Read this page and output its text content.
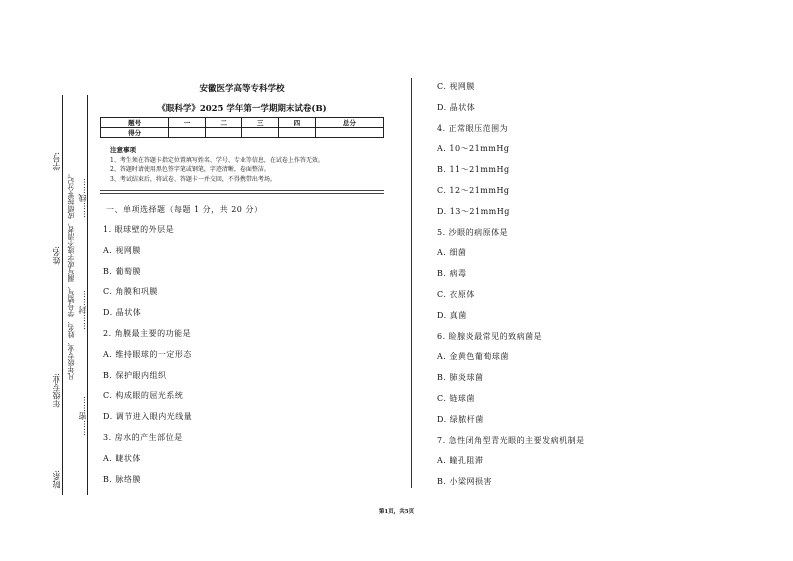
学号:
姓名:
年级专业:
院系:
……线……
凡年级专业、姓名、学号错写、漏写或字迹不清者，成绩按零分记。 ……封……
……密……
安徽医学高等专科学校
《眼科学》2025 学年第一学期期末试卷(B)
题号	一	二	三	四	总分
得分					
注意事项
1、考生须在答题卡指定位置填写姓名、学号、专业等信息，在试卷上作答无效。
2、答题时请使用黑色签字笔或钢笔，字迹清晰，卷面整洁。
3、考试结束后，将试卷、答题卡一并交回，不得携带出考场。
一、单项选择题（每题 1 分，共 20 分）
1. 眼球壁的外层是
A. 视网膜
B. 葡萄膜
C. 角膜和巩膜
D. 晶状体
2. 角膜最主要的功能是
A. 维持眼球的一定形态
B. 保护眼内组织
C. 构成眼的屈光系统
D. 调节进入眼内光线量
3. 房水的产生部位是
A. 睫状体
B. 脉络膜
C. 视网膜
D. 晶状体
4. 正常眼压范围为
A. 10～21mmHg
B. 11～21mmHg
C. 12～21mmHg
D. 13～21mmHg
5. 沙眼的病原体是
A. 细菌
B. 病毒
C. 衣原体
D. 真菌
6. 睑腺炎最常见的致病菌是
A. 金黄色葡萄球菌
B. 肺炎球菌
C. 链球菌
D. 绿脓杆菌
7. 急性闭角型青光眼的主要发病机制是
A. 瞳孔阻滞
B. 小梁网损害
第1页，共5页
